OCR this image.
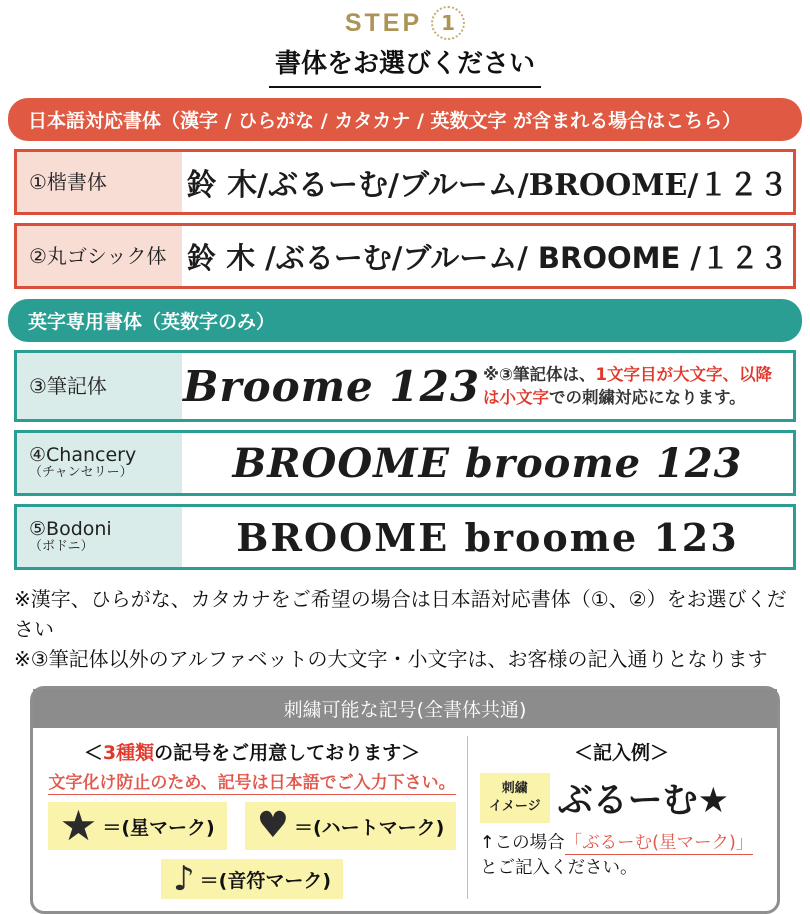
STEP 1
書体をお選びください
日本語対応書体（漢字 / ひらがな / カタカナ / 英数文字 が含まれる場合はこちら）
①楷書体	鈴 木/ぶるーむ/ブルーム/BROOME/１２３
②丸ゴシック体 鈴 木 /ぶるーむ/ブルーム/ BROOME /１２３
英字専用書体（英数字のみ）
③筆記体	Broome 123 ※③筆記体は、1文字目が大文字、以降は小文字での刺繍対応になります。
④Chancery
（チャンセリー）	BROOME broome 123
⑤Bodoni
（ボドニ）	BROOME broome 123
※漢字、ひらがな、カタカナをご希望の場合は日本語対応書体（①、②）をお選びください
※③筆記体以外のアルファベットの大文字・小文字は、お客様の記入通りとなります
刺繍可能な記号(全書体共通)
＜3種類の記号をご用意しております＞
文字化け防止のため、記号は日本語でご入力下さい。
★ ＝(星マーク) ♥ ＝(ハートマーク)
♪ ＝(音符マーク)
＜記入例＞
刺繍
イメージ ぶるーむ★
↑この場合「ぶるーむ(星マーク)」
とご記入ください。
